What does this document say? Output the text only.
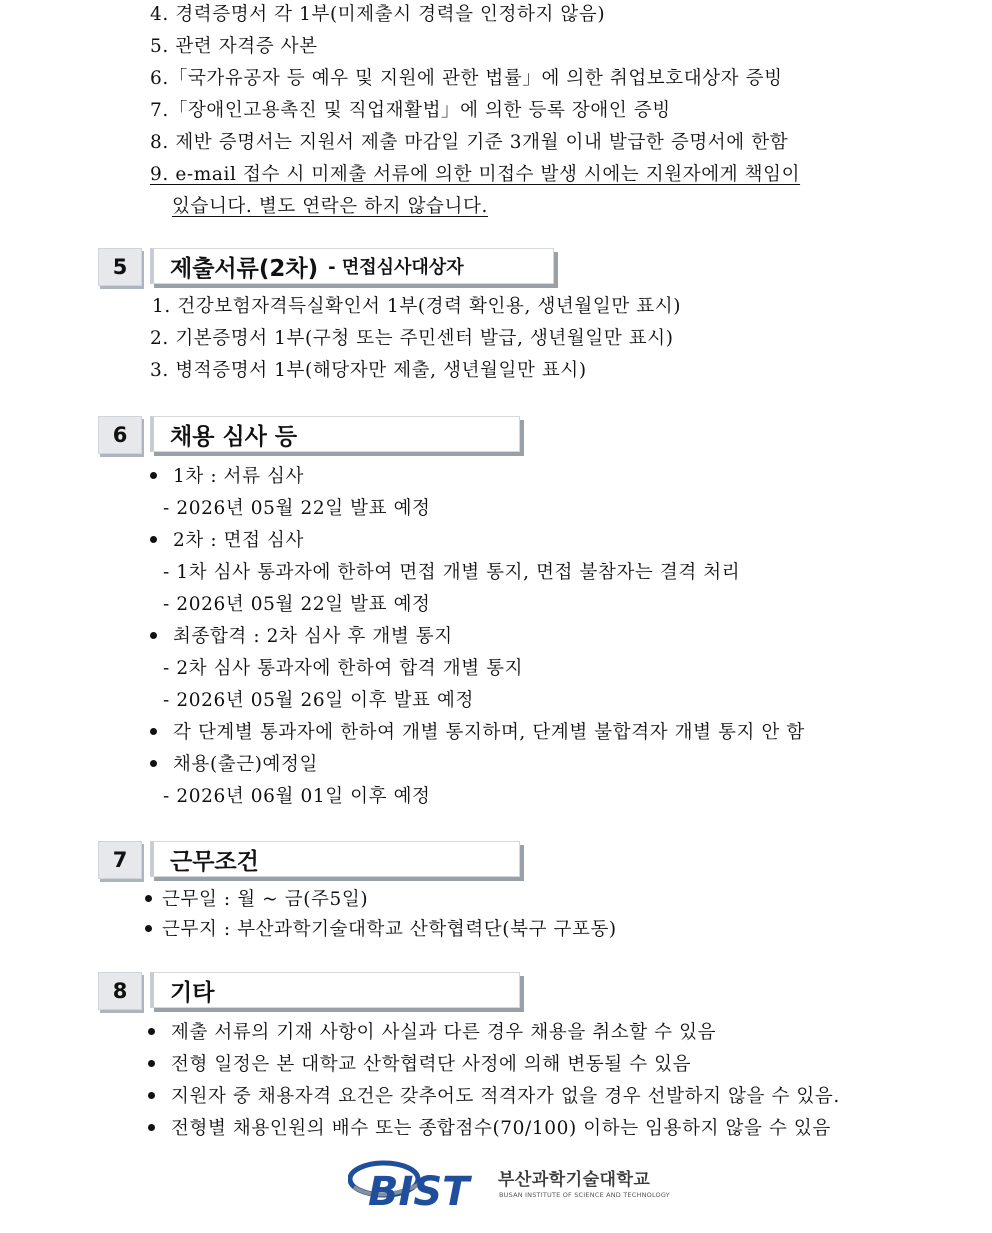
4. 경력증명서 각 1부(미제출시 경력을 인정하지 않음)
5. 관련 자격증 사본
6.「국가유공자 등 예우 및 지원에 관한 법률」에 의한 취업보호대상자 증빙
7.「장애인고용촉진 및 직업재활법」에 의한 등록 장애인 증빙
8. 제반 증명서는 지원서 제출 마감일 기준 3개월 이내 발급한 증명서에 한함
9. e-mail 접수 시 미제출 서류에 의한 미접수 발생 시에는 지원자에게 책임이
있습니다. 별도 연락은 하지 않습니다.
5	제출서류(2차) - 면접심사대상자
1. 건강보험자격득실확인서 1부(경력 확인용, 생년월일만 표시)
2. 기본증명서 1부(구청 또는 주민센터 발급, 생년월일만 표시)
3. 병적증명서 1부(해당자만 제출, 생년월일만 표시)
6	채용 심사 등
1차 : 서류 심사
- 2026년 05월 22일 발표 예정
2차 : 면접 심사
- 1차 심사 통과자에 한하여 면접 개별 통지, 면접 불참자는 결격 처리
- 2026년 05월 22일 발표 예정
최종합격 : 2차 심사 후 개별 통지
- 2차 심사 통과자에 한하여 합격 개별 통지
- 2026년 05월 26일 이후 발표 예정
각 단계별 통과자에 한하여 개별 통지하며, 단계별 불합격자 개별 통지 안 함
채용(출근)예정일
- 2026년 06월 01일 이후 예정
7	근무조건
근무일 : 월 ~ 금(주5일)
근무지 : 부산과학기술대학교 산학협력단(북구 구포동)
8	기타
제출 서류의 기재 사항이 사실과 다른 경우 채용을 취소할 수 있음
전형 일정은 본 대학교 산학협력단 사정에 의해 변동될 수 있음
지원자 중 채용자격 요건은 갖추어도 적격자가 없을 경우 선발하지 않을 수 있음.
전형별 채용인원의 배수 또는 종합점수(70/100) 이하는 임용하지 않을 수 있음
BIST 부산과학기술대학교
BUSAN INSTITUTE OF SCIENCE AND TECHNOLOGY
